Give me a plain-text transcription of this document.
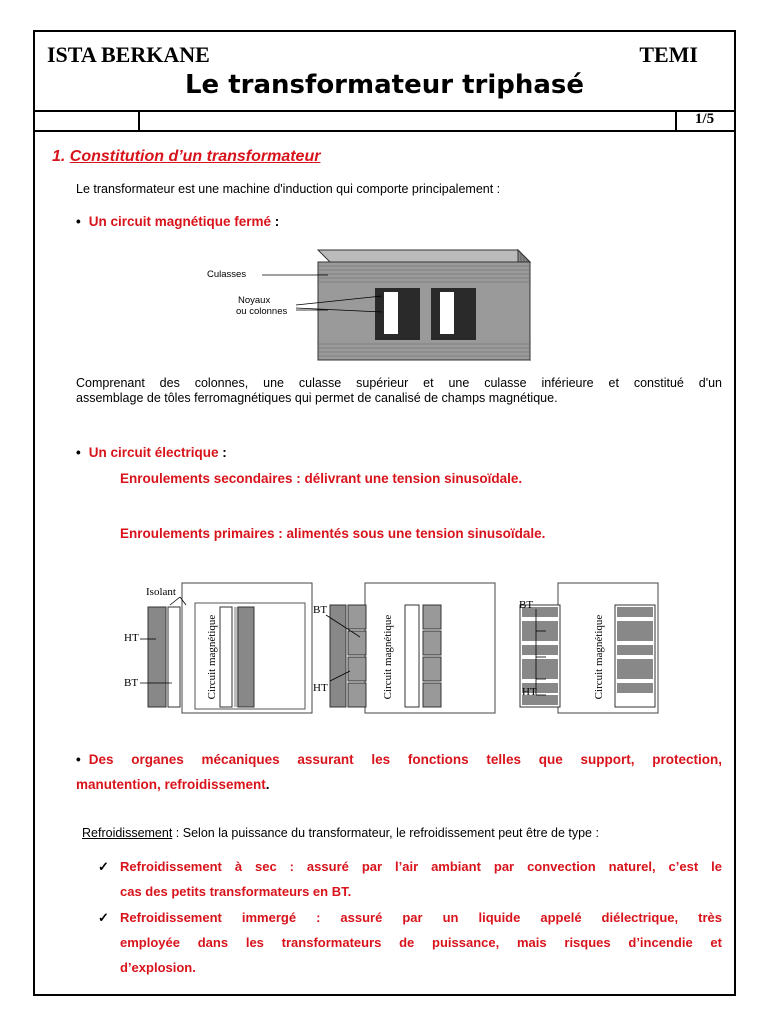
ISTA BERKANE	TEMI
Le transformateur triphasé
1/5
1. Constitution d’un transformateur
Le transformateur est une machine d'induction qui comporte principalement :
• Un circuit magnétique fermé :
Culasses
Noyaux
ou colonnes
Comprenant des colonnes, une culasse supérieur et une culasse inférieure et constitué d'un
assemblage de tôles ferromagnétiques qui permet de canalisé de champs magnétique.
• Un circuit électrique :
Enroulements secondaires : délivrant une tension sinusoïdale.
Enroulements primaires : alimentés sous une tension sinusoïdale.
Isolant
HT
BT
BT
HT
BT
HT
Circuit magnétique	Circuit magnétique	Circuit magnétique
• Des organes mécaniques assurant les fonctions telles que support, protection,
manutention, refroidissement.
Refroidissement : Selon la puissance du transformateur, le refroidissement peut être de type :
✓ Refroidissement à sec : assuré par l’air ambiant par convection naturel, c’est le
cas des petits transformateurs en BT.
✓ Refroidissement immergé : assuré par un liquide appelé diélectrique, très
employée dans les transformateurs de puissance, mais risques d’incendie et
d’explosion.
